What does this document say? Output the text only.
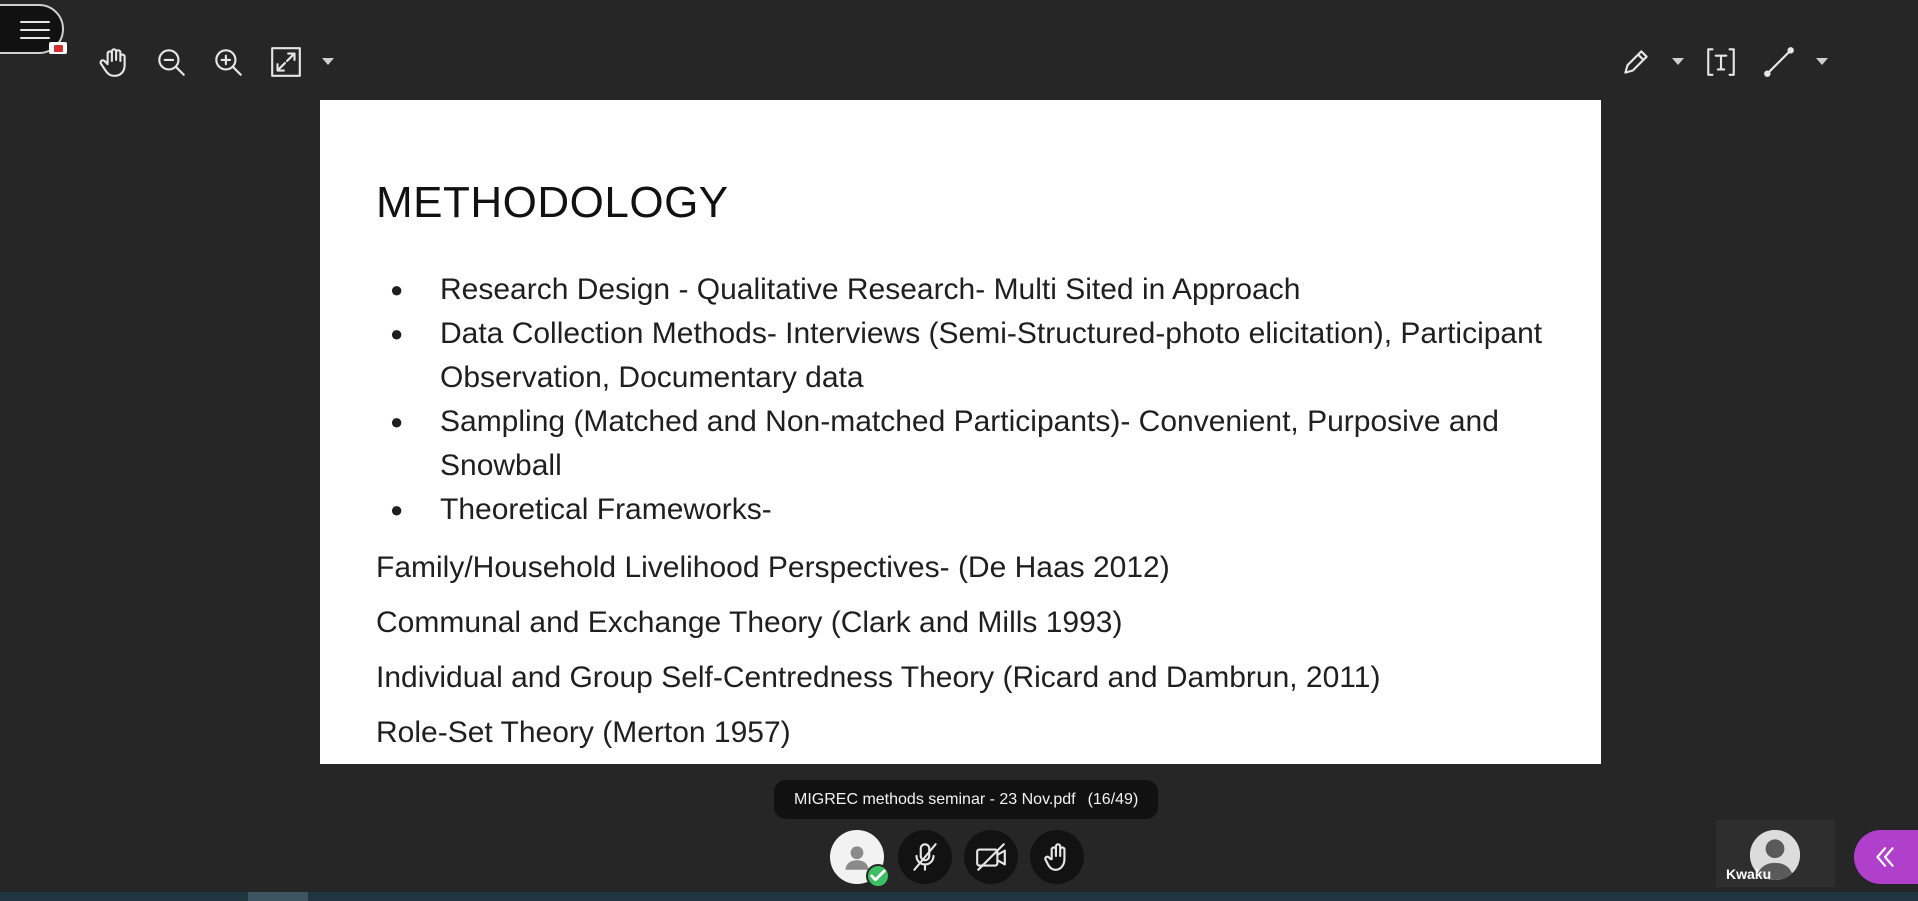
METHODOLOGY
● Research Design - Qualitative Research- Multi Sited in Approach
● Data Collection Methods- Interviews (Semi-Structured-photo elicitation), Participant Observation, Documentary data
● Sampling (Matched and Non-matched Participants)- Convenient, Purposive and Snowball
● Theoretical Frameworks-

Family/Household Livelihood Perspectives- (De Haas 2012)

Communal and Exchange Theory (Clark and Mills 1993)

Individual and Group Self-Centredness Theory (Ricard and Dambrun, 2011)

Role-Set Theory (Merton 1957)

MIGREC methods seminar - 23 Nov.pdf (16/49)
Kwaku
